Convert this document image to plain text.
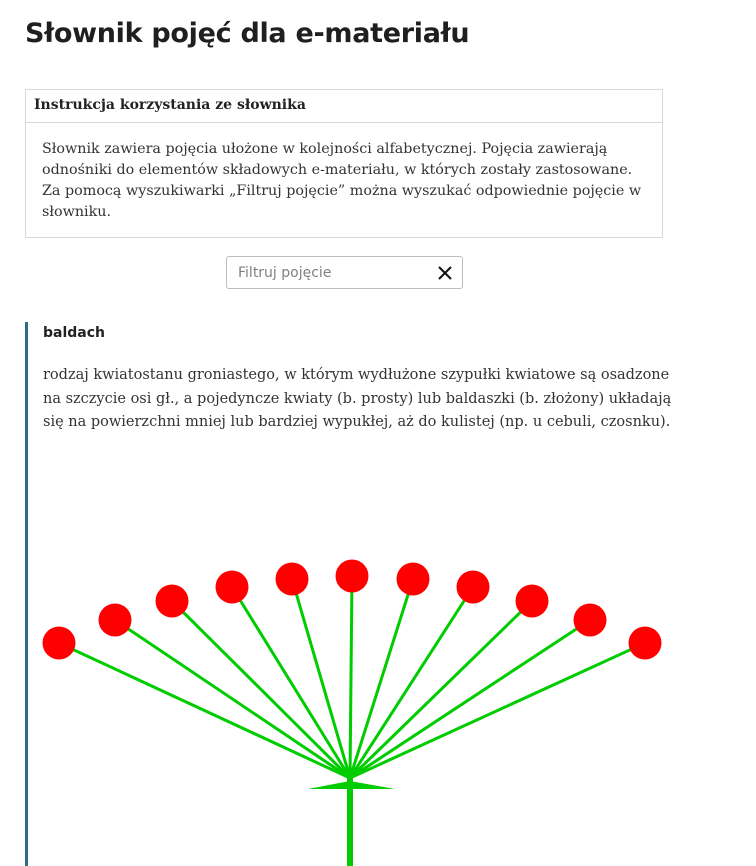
Słownik pojęć dla e-materiału
Instrukcja korzystania ze słownika
Słownik zawiera pojęcia ułożone w kolejności alfabetycznej. Pojęcia zawierają odnośniki do elementów składowych e-materiału, w których zostały zastosowane. Za pomocą wyszukiwarki „Filtruj pojęcie” można wyszukać odpowiednie pojęcie w słowniku.
Filtruj pojęcie
baldach
rodzaj kwiatostanu groniastego, w którym wydłużone szypułki kwiatowe są osadzone na szczycie osi gł., a pojedyncze kwiaty (b. prosty) lub baldaszki (b. złożony) układają się na powierzchni mniej lub bardziej wypukłej, aż do kulistej (np. u cebuli, czosnku).
